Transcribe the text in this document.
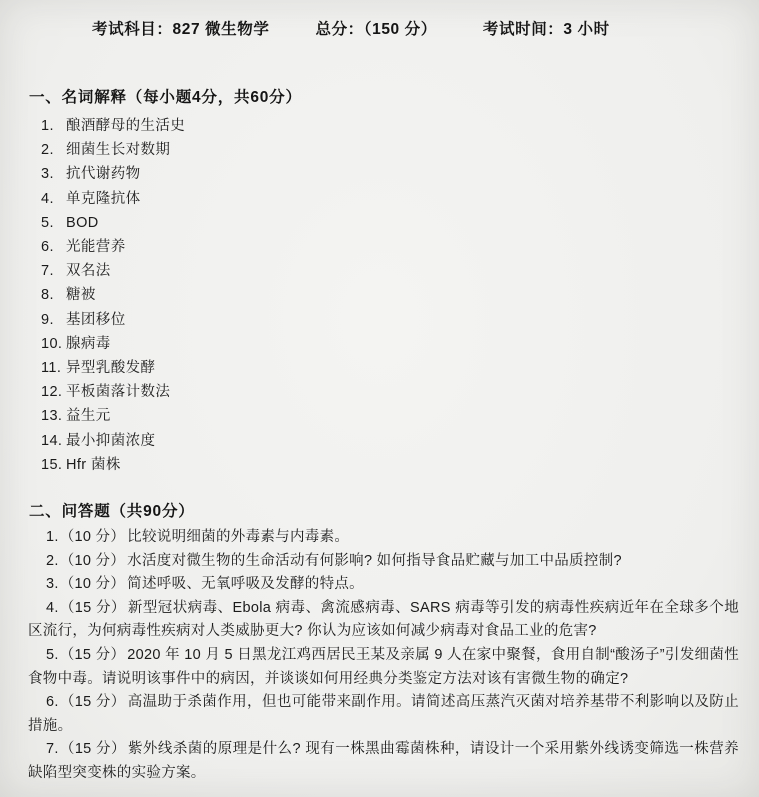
考试科目：827 微生物学	总分：（150 分）	考试时间：3 小时
一、名词解释（每小题4分，共60分）
1. 酿酒酵母的生活史
2. 细菌生长对数期
3. 抗代谢药物
4. 单克隆抗体
5. BOD
6. 光能营养
7. 双名法
8. 糖被
9. 基团移位
10. 腺病毒
11. 异型乳酸发酵
12. 平板菌落计数法
13. 益生元
14. 最小抑菌浓度
15. Hfr 菌株
二、问答题（共90分）

1.（10 分） 比较说明细菌的外毒素与内毒素。

2.（10 分） 水活度对微生物的生命活动有何影响? 如何指导食品贮藏与加工中品质控制?

3.（10 分） 简述呼吸、无氧呼吸及发酵的特点。

4.（15 分） 新型冠状病毒、Ebola 病毒、禽流感病毒、SARS 病毒等引发的病毒性疾病近年在全球多个地区流行，为何病毒性疾病对人类威胁更大? 你认为应该如何减少病毒对食品工业的危害?

5.（15 分） 2020 年 10 月 5 日黑龙江鸡西居民王某及亲属 9 人在家中聚餐，食用自制“酸汤子”引发细菌性食物中毒。请说明该事件中的病因，并谈谈如何用经典分类鉴定方法对该有害微生物的确定?

6.（15 分） 高温助于杀菌作用，但也可能带来副作用。请简述高压蒸汽灭菌对培养基带不利影响以及防止措施。

7.（15 分） 紫外线杀菌的原理是什么? 现有一株黑曲霉菌株种，请设计一个采用紫外线诱变筛选一株营养缺陷型突变株的实验方案。
